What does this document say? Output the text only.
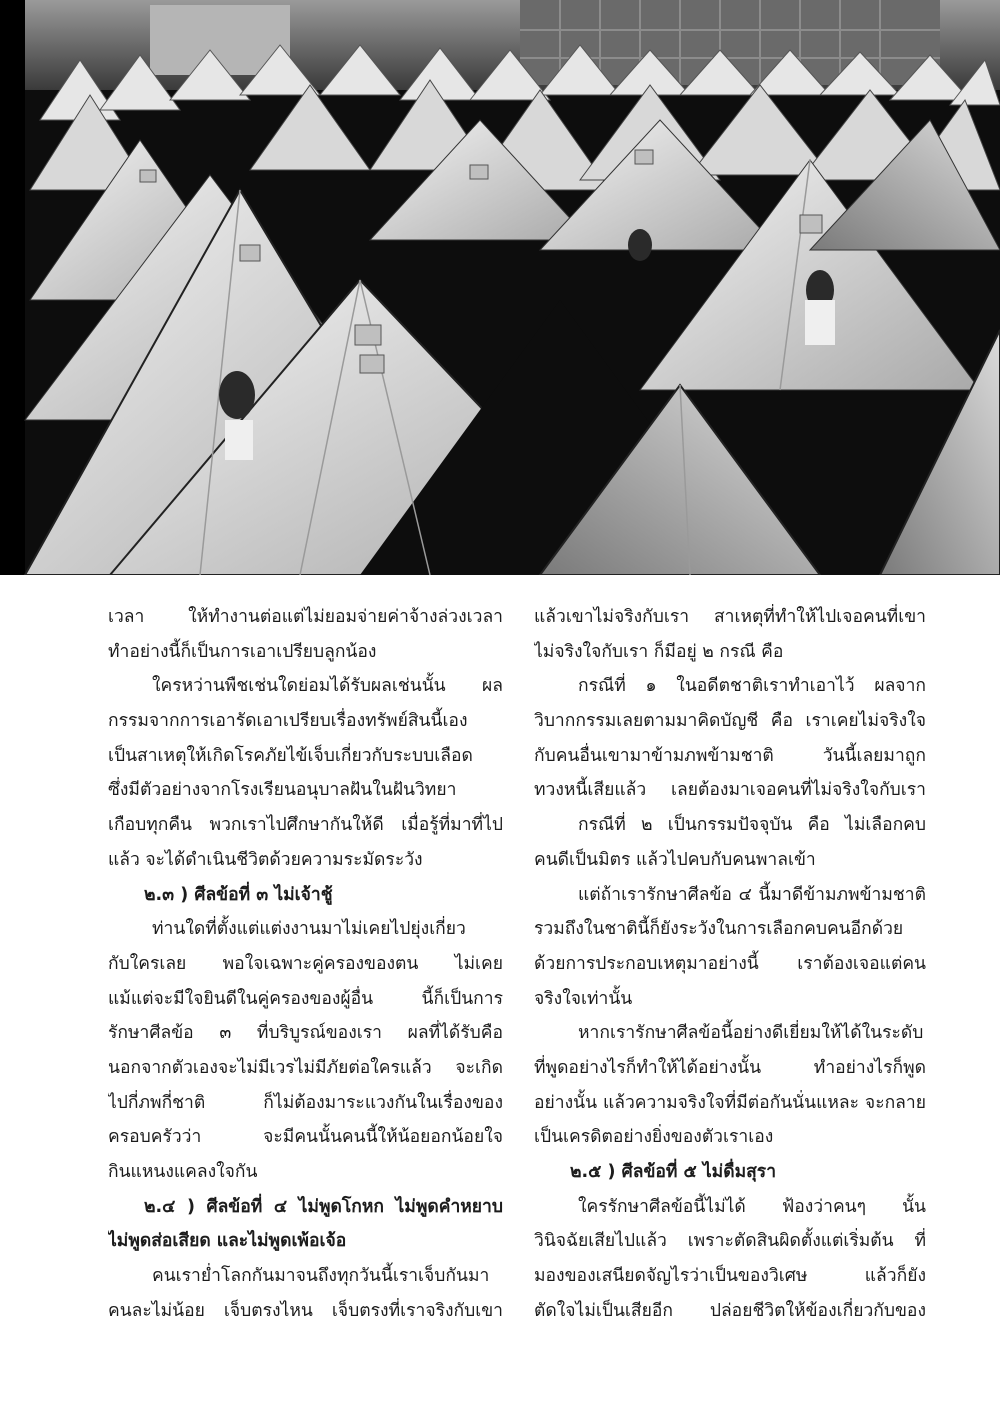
เวลา ให้ทำงานต่อแต่ไม่ยอมจ่ายค่าจ้างล่วงเวลา
ทำอย่างนี้ก็เป็นการเอาเปรียบลูกน้อง
ใครหว่านพืชเช่นใดย่อมได้รับผลเช่นนั้น ผล
กรรมจากการเอารัดเอาเปรียบเรื่องทรัพย์สินนี้เอง
เป็นสาเหตุให้เกิดโรคภัยไข้เจ็บเกี่ยวกับระบบเลือด
ซึ่งมีตัวอย่างจากโรงเรียนอนุบาลฝันในฝันวิทยา
เกือบทุกคืน พวกเราไปศึกษากันให้ดี เมื่อรู้ที่มาที่ไป
แล้ว จะได้ดำเนินชีวิตด้วยความระมัดระวัง
๒.๓ ) ศีลข้อที่ ๓ ไม่เจ้าชู้
ท่านใดที่ตั้งแต่แต่งงานมาไม่เคยไปยุ่งเกี่ยว
กับใครเลย พอใจเฉพาะคู่ครองของตน ไม่เคย
แม้แต่จะมีใจยินดีในคู่ครองของผู้อื่น นี้ก็เป็นการ
รักษาศีลข้อ ๓ ที่บริบูรณ์ของเรา ผลที่ได้รับคือ
นอกจากตัวเองจะไม่มีเวรไม่มีภัยต่อใครแล้ว จะเกิด
ไปกี่ภพกี่ชาติ ก็ไม่ต้องมาระแวงกันในเรื่องของ
ครอบครัวว่า จะมีคนนั้นคนนี้ให้น้อยอกน้อยใจ
กินแหนงแคลงใจกัน
๒.๔ ) ศีลข้อที่ ๔ ไม่พูดโกหก ไม่พูดคำหยาบ
ไม่พูดส่อเสียด และไม่พูดเพ้อเจ้อ
คนเราย่ำโลกกันมาจนถึงทุกวันนี้เราเจ็บกันมา
คนละไม่น้อย เจ็บตรงไหน เจ็บตรงที่เราจริงกับเขา
แล้วเขาไม่จริงกับเรา สาเหตุที่ทำให้ไปเจอคนที่เขา
ไม่จริงใจกับเรา ก็มีอยู่ ๒ กรณี คือ
กรณีที่ ๑ ในอดีตชาติเราทำเอาไว้ ผลจาก
วิบากกรรมเลยตามมาคิดบัญชี คือ เราเคยไม่จริงใจ
กับคนอื่นเขามาข้ามภพข้ามชาติ วันนี้เลยมาถูก
ทวงหนี้เสียแล้ว เลยต้องมาเจอคนที่ไม่จริงใจกับเรา
กรณีที่ ๒ เป็นกรรมปัจจุบัน คือ ไม่เลือกคบ
คนดีเป็นมิตร แล้วไปคบกับคนพาลเข้า
แต่ถ้าเรารักษาศีลข้อ ๔ นี้มาดีข้ามภพข้ามชาติ
รวมถึงในชาตินี้ก็ยังระวังในการเลือกคบคนอีกด้วย
ด้วยการประกอบเหตุมาอย่างนี้ เราต้องเจอแต่คน
จริงใจเท่านั้น
หากเรารักษาศีลข้อนี้อย่างดีเยี่ยมให้ได้ในระดับ
ที่พูดอย่างไรก็ทำให้ได้อย่างนั้น ทำอย่างไรก็พูด
อย่างนั้น แล้วความจริงใจที่มีต่อกันนั่นแหละ จะกลาย
เป็นเครดิตอย่างยิ่งของตัวเราเอง
๒.๕ ) ศีลข้อที่ ๕ ไม่ดื่มสุรา
ใครรักษาศีลข้อนี้ไม่ได้ ฟ้องว่าคนๆ นั้น
วินิจฉัยเสียไปแล้ว เพราะตัดสินผิดตั้งแต่เริ่มต้น ที่
มองของเสนียดจัญไรว่าเป็นของวิเศษ แล้วก็ยัง
ตัดใจไม่เป็นเสียอีก ปล่อยชีวิตให้ข้องเกี่ยวกับของ
